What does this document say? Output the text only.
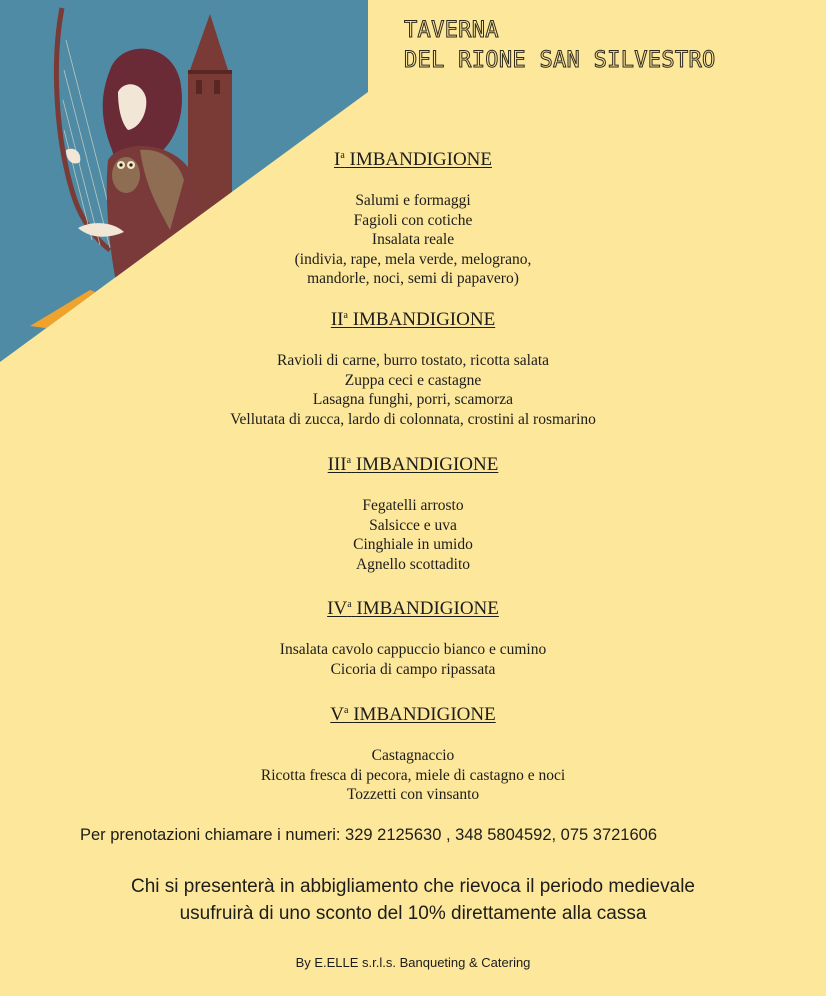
TAVERNA
DEL RIONE SAN SILVESTRO

$I^a$ IMBANDIGIONE

Salumi e formaggi
Fagioli con cotiche
Insalata reale
(indivia, rape, mela verde, melograno,
mandorle, noci, semi di papavero)

$II^a$ IMBANDIGIONE

Ravioli di carne, burro tostato, ricotta salata
Zuppa ceci e castagne
Lasagna funghi, porri, scamorza
Vellutata di zucca, lardo di colonnata, crostini al rosmarino

III$^a$ IMBANDIGIONE

Fegatelli arrosto
Salsicce e uva
Cinghiale in umido
Agnello scottadito

$IV^a$ IMBANDIGIONE

Insalata cavolo cappuccio bianco e cumino
Cicoria di campo ripassata

$V^a$ IMBANDIGIONE

Castagnaccio
Ricotta fresca di pecora, miele di castagno e noci
Tozzetti con vinsanto
Per prenotazioni chiamare i numeri: 329 2125630 , 348 5804592, 075 3721606
Chi si presenterà in abbigliamento che rievoca il periodo medievale
usufruirà di uno sconto del 10% direttamente alla cassa
By E.ELLE s.r.l.s. Banqueting & Catering
